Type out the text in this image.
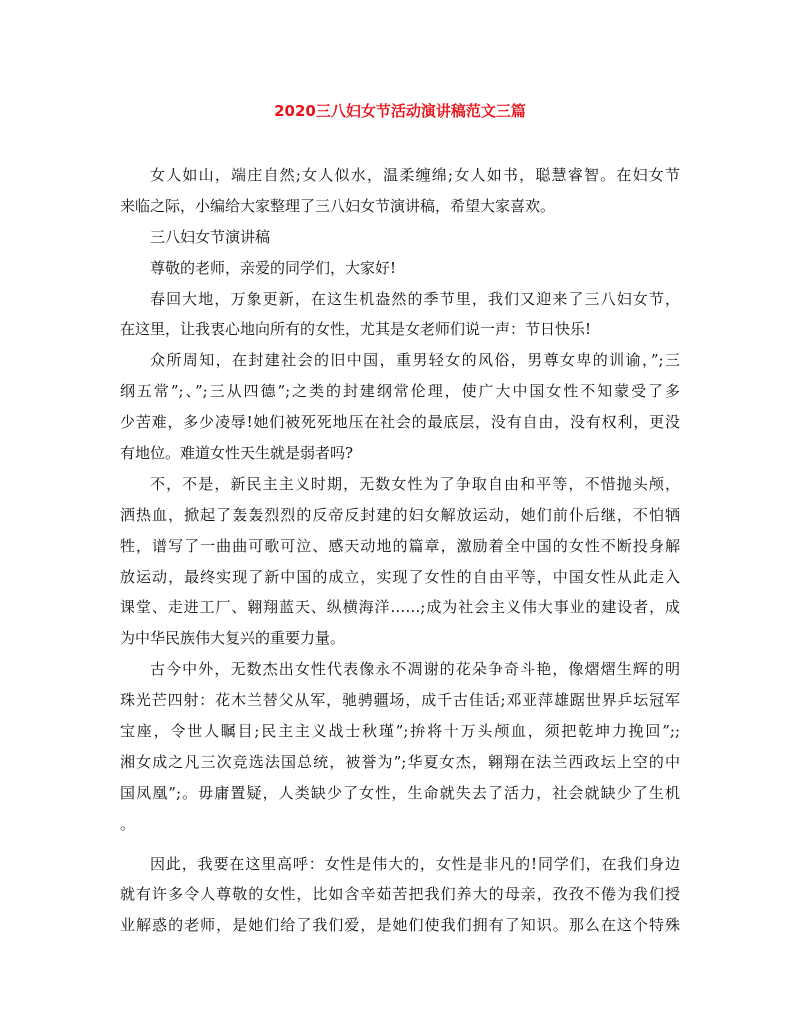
2020三八妇女节活动演讲稿范文三篇
女人如山，端庄自然;女人似水，温柔缠绵;女人如书，聪慧睿智。在妇女节
来临之际，小编给大家整理了三八妇女节演讲稿，希望大家喜欢。
三八妇女节演讲稿
尊敬的老师，亲爱的同学们，大家好!
春回大地，万象更新，在这生机盎然的季节里，我们又迎来了三八妇女节，
在这里，让我衷心地向所有的女性，尤其是女老师们说一声：节日快乐!
众所周知，在封建社会的旧中国，重男轻女的风俗，男尊女卑的训谕，”;三
纲五常”;、”;三从四德”;之类的封建纲常伦理，使广大中国女性不知蒙受了多
少苦难，多少凌辱!她们被死死地压在社会的最底层，没有自由，没有权利，更没
有地位。难道女性天生就是弱者吗?
不，不是，新民主主义时期，无数女性为了争取自由和平等，不惜抛头颅，
洒热血，掀起了轰轰烈烈的反帝反封建的妇女解放运动，她们前仆后继，不怕牺
牲，谱写了一曲曲可歌可泣、感天动地的篇章，激励着全中国的女性不断投身解
放运动，最终实现了新中国的成立，实现了女性的自由平等，中国女性从此走入
课堂、走进工厂、翱翔蓝天、纵横海洋……;成为社会主义伟大事业的建设者，成
为中华民族伟大复兴的重要力量。
古今中外，无数杰出女性代表像永不凋谢的花朵争奇斗艳，像熠熠生辉的明
珠光芒四射：花木兰替父从军，驰骋疆场，成千古佳话;邓亚萍雄踞世界乒坛冠军
宝座，令世人瞩目;民主主义战士秋瑾”;拚将十万头颅血，须把乾坤力挽回”;;
湘女成之凡三次竞选法国总统，被誉为”;华夏女杰，翱翔在法兰西政坛上空的中
国凤凰”;。毋庸置疑，人类缺少了女性，生命就失去了活力，社会就缺少了生机
。
因此，我要在这里高呼：女性是伟大的，女性是非凡的!同学们，在我们身边
就有许多令人尊敬的女性，比如含辛茹苦把我们养大的母亲，孜孜不倦为我们授
业解惑的老师，是她们给了我们爱，是她们使我们拥有了知识。那么在这个特殊
